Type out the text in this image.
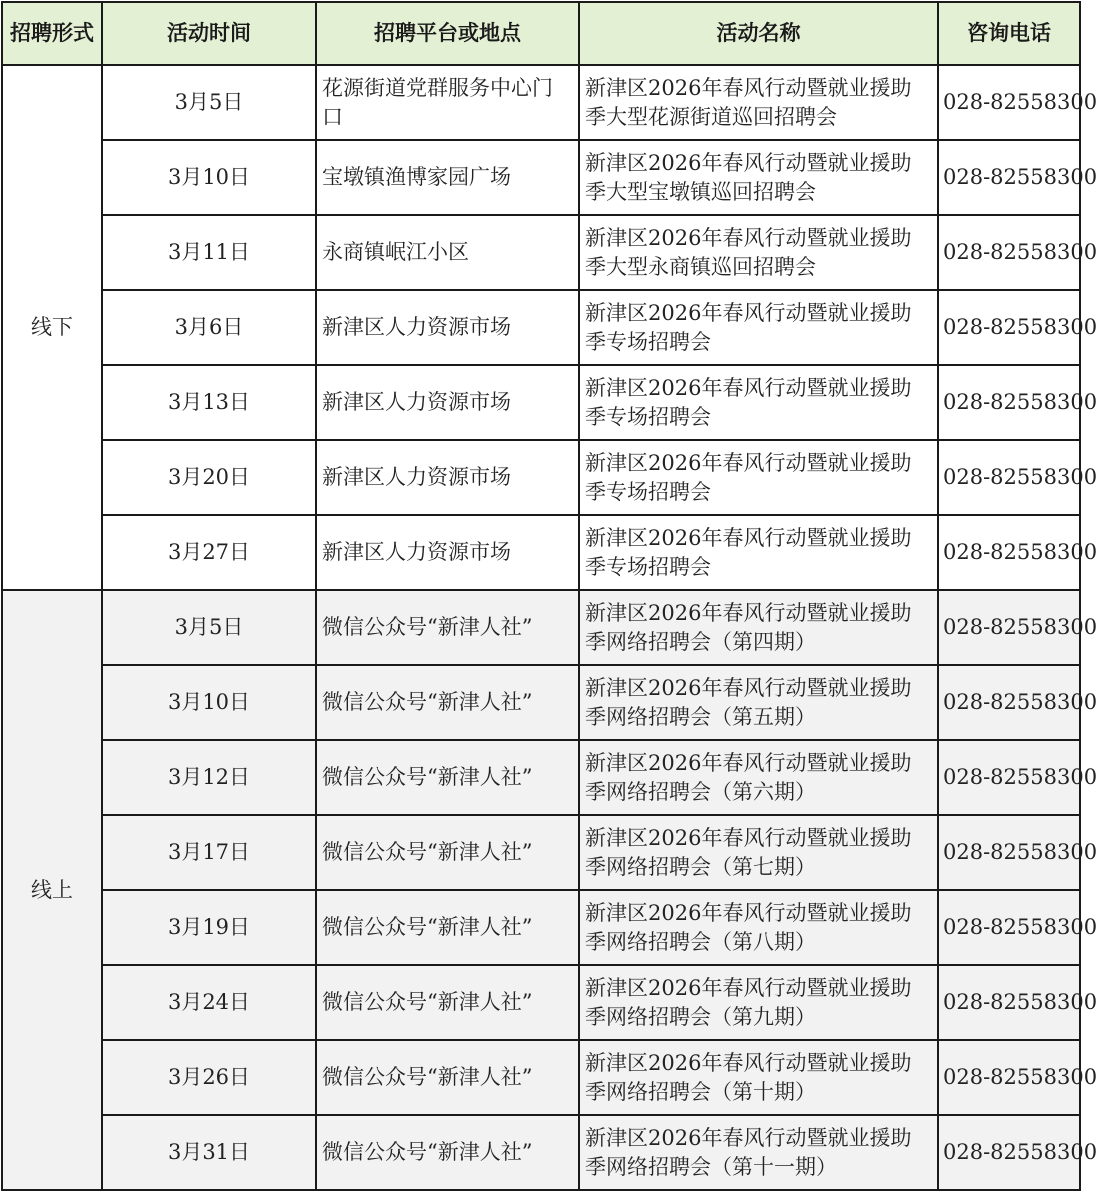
招聘形式	活动时间	招聘平台或地点	活动名称	咨询电话
线下	3月5日	花源街道党群服务中心门口	新津区2026年春风行动暨就业援助季大型花源街道巡回招聘会	028-82558300
	3月10日	宝墩镇渔博家园广场	新津区2026年春风行动暨就业援助季大型宝墩镇巡回招聘会	028-82558300
	3月11日	永商镇岷江小区	新津区2026年春风行动暨就业援助季大型永商镇巡回招聘会	028-82558300
	3月6日	新津区人力资源市场	新津区2026年春风行动暨就业援助季专场招聘会	028-82558300
	3月13日	新津区人力资源市场	新津区2026年春风行动暨就业援助季专场招聘会	028-82558300
	3月20日	新津区人力资源市场	新津区2026年春风行动暨就业援助季专场招聘会	028-82558300
	3月27日	新津区人力资源市场	新津区2026年春风行动暨就业援助季专场招聘会	028-82558300
线上	3月5日	微信公众号“新津人社”	新津区2026年春风行动暨就业援助季网络招聘会（第四期）	028-82558300
	3月10日	微信公众号“新津人社”	新津区2026年春风行动暨就业援助季网络招聘会（第五期）	028-82558300
	3月12日	微信公众号“新津人社”	新津区2026年春风行动暨就业援助季网络招聘会（第六期）	028-82558300
	3月17日	微信公众号“新津人社”	新津区2026年春风行动暨就业援助季网络招聘会（第七期）	028-82558300
	3月19日	微信公众号“新津人社”	新津区2026年春风行动暨就业援助季网络招聘会（第八期）	028-82558300
	3月24日	微信公众号“新津人社”	新津区2026年春风行动暨就业援助季网络招聘会（第九期）	028-82558300
	3月26日	微信公众号“新津人社”	新津区2026年春风行动暨就业援助季网络招聘会（第十期）	028-82558300
	3月31日	微信公众号“新津人社”	新津区2026年春风行动暨就业援助季网络招聘会（第十一期）	028-82558300
